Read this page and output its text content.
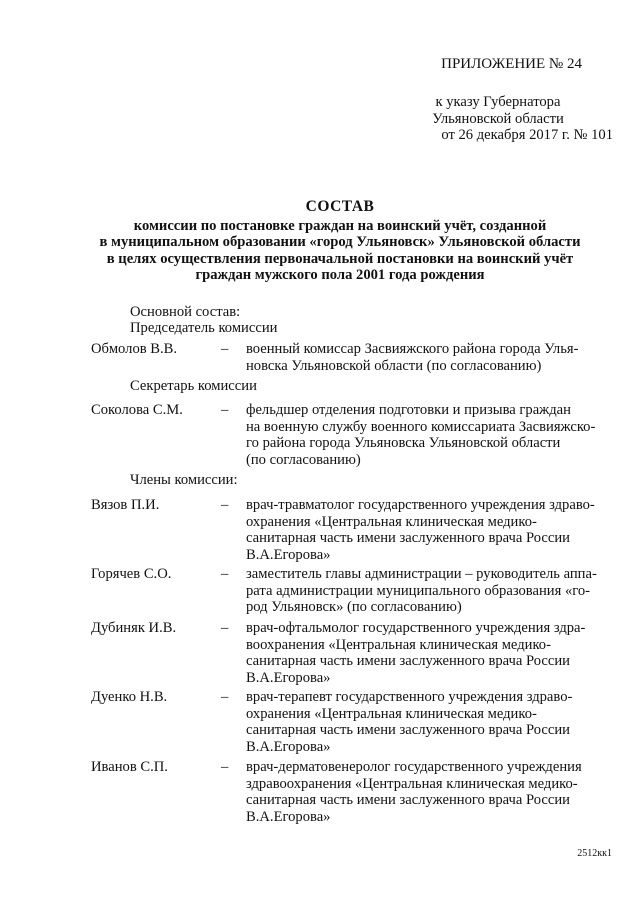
ПРИЛОЖЕНИЕ № 24
к указу Губернатора
Ульяновской области
от 26 декабря 2017 г. № 101
СОСТАВ
комиссии по постановке граждан на воинский учёт, созданной
в муниципальном образовании «город Ульяновск» Ульяновской области
в целях осуществления первоначальной постановки на воинский учёт
граждан мужского пола 2001 года рождения
Основной состав:
Председатель комиссии
Обмолов В.В.	– военный комиссар Засвияжского района города Улья-
новска Ульяновской области (по согласованию)
Секретарь комиссии
Соколова С.М.	– фельдшер отделения подготовки и призыва граждан
на военную службу военного комиссариата Засвияжско-
го района города Ульяновска Ульяновской области
(по согласованию)
Члены комиссии:
Вязов П.И.	– врач-травматолог государственного учреждения здраво-
охранения «Центральная клиническая медико-
санитарная часть имени заслуженного врача России
В.А.Егорова»
Горячев С.О.	– заместитель главы администрации – руководитель аппа-
рата администрации муниципального образования «го-
род Ульяновск» (по согласованию)
Дубиняк И.В.	– врач-офтальмолог государственного учреждения здра-
воохранения «Центральная клиническая медико-
санитарная часть имени заслуженного врача России
В.А.Егорова»
Дуенко Н.В.	– врач-терапевт государственного учреждения здраво-
охранения «Центральная клиническая медико-
санитарная часть имени заслуженного врача России
В.А.Егорова»
Иванов С.П.	– врач-дерматовенеролог государственного учреждения
здравоохранения «Центральная клиническая медико-
санитарная часть имени заслуженного врача России
В.А.Егорова»
2512кк1
